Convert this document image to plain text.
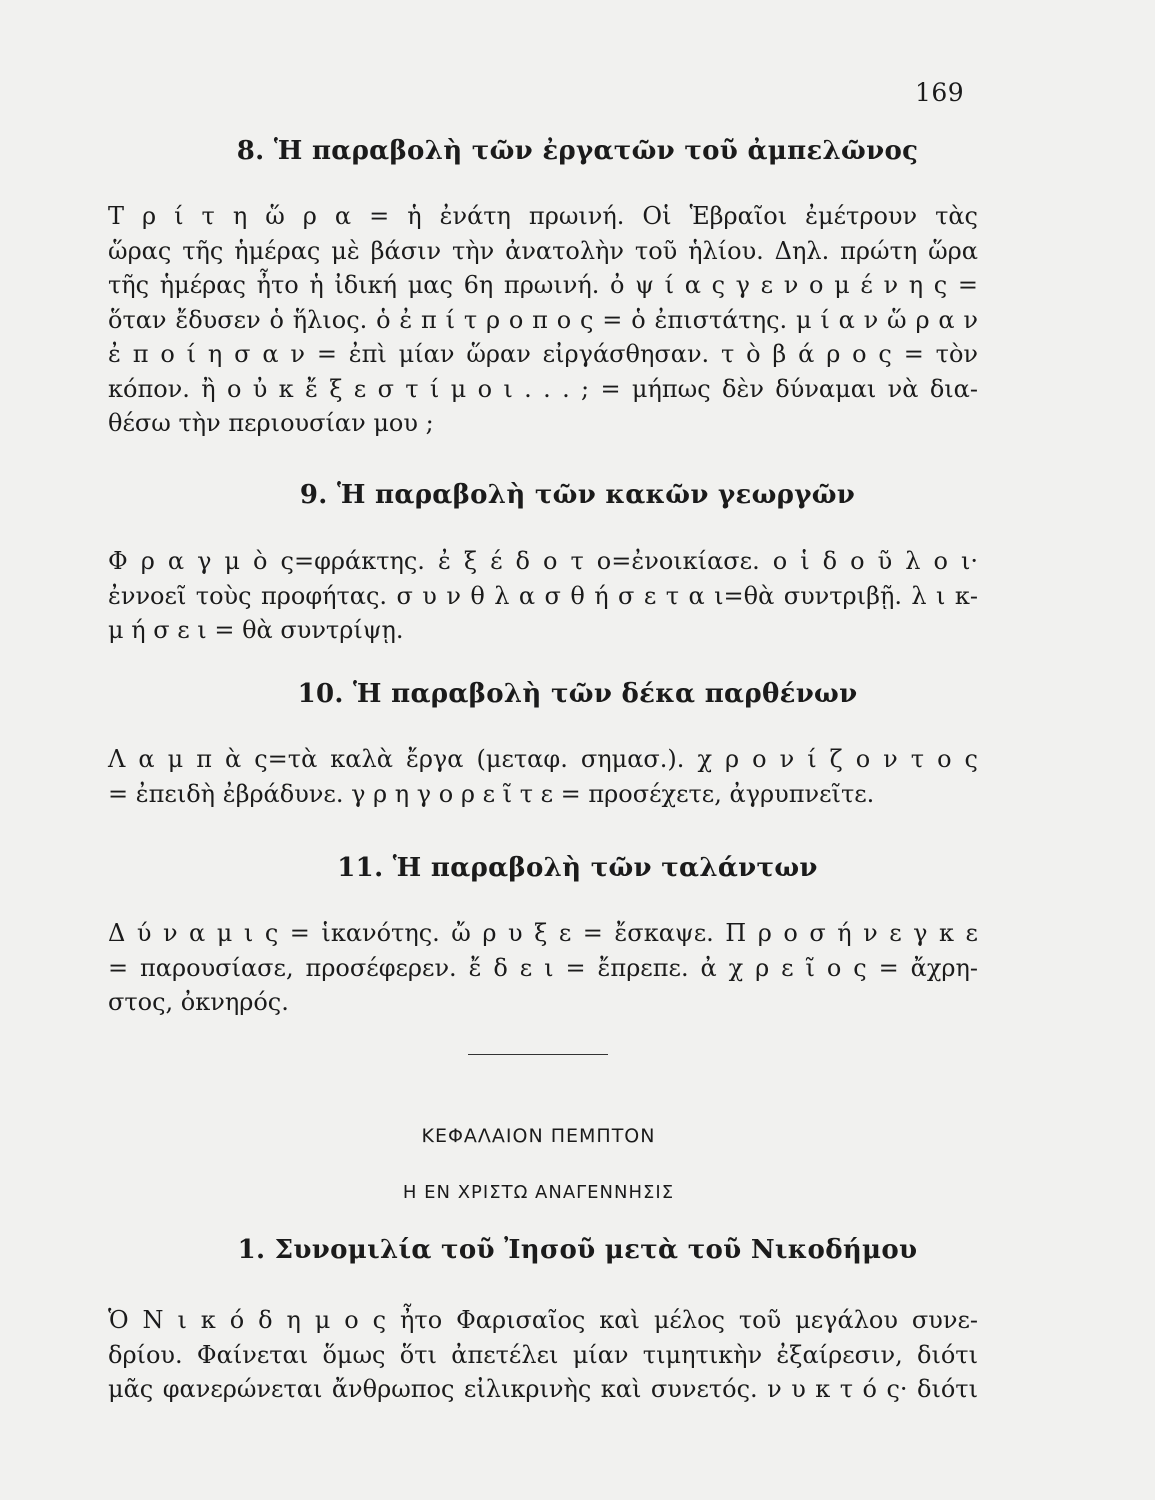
169
8. Ἡ παραβολὴ τῶν ἐργατῶν τοῦ ἀμπελῶνος
Τ ρ ί τ η ὥ ρ α = ἡ ἐνάτη πρωινή. Οἱ Ἑβραῖοι ἐμέτρουν τὰς
ὥρας τῆς ἡμέρας μὲ βάσιν τὴν ἀνατολὴν τοῦ ἡλίου. Δηλ. πρώτη ὥρα
τῆς ἡμέρας ἦτο ἡ ἰδική μας 6η πρωινή. ὀ ψ ί α ς γ ε ν ο μ έ ν η ς =
ὅταν ἔδυσεν ὁ ἥλιος. ὁ ἐ π ί τ ρ ο π ο ς = ὁ ἐπιστάτης. μ ί α ν ὥ ρ α ν
ἐ π ο ί η σ α ν = ἐπὶ μίαν ὥραν εἰργάσθησαν. τ ὸ β ά ρ ο ς = τὸν
κόπον. ἢ ο ὐ κ ἔ ξ ε σ τ ί μ ο ι . . . ; = μήπως δὲν δύναμαι νὰ δια-
θέσω τὴν περιουσίαν μου ;
9. Ἡ παραβολὴ τῶν κακῶν γεωργῶν
Φ ρ α γ μ ὸ ς=φράκτης. ἐ ξ έ δ ο τ ο=ἐνοικίασε. ο ἱ δ ο ῦ λ ο ι·
ἐννοεῖ τοὺς προφήτας. σ υ ν θ λ α σ θ ή σ ε τ α ι=θὰ συντριβῇ. λ ι κ-
μ ή σ ε ι = θὰ συντρίψῃ.
10. Ἡ παραβολὴ τῶν δέκα παρθένων
Λ α μ π ὰ ς=τὰ καλὰ ἔργα (μεταφ. σημασ.). χ ρ ο ν ί ζ ο ν τ ο ς
= ἐπειδὴ ἐβράδυνε. γ ρ η γ ο ρ ε ῖ τ ε = προσέχετε, ἀγρυπνεῖτε.
11. Ἡ παραβολὴ τῶν ταλάντων
Δ ύ ν α μ ι ς = ἱκανότης. ὤ ρ υ ξ ε = ἔσκαψε. Π ρ ο σ ή ν ε γ κ ε
= παρουσίασε, προσέφερεν. ἔ δ ε ι = ἔπρεπε. ἀ χ ρ ε ῖ ο ς = ἄχρη-
στος, ὀκνηρός.
ΚΕΦΑΛΑΙΟΝ ΠΕΜΠΤΟΝ
Η ΕΝ ΧΡΙΣΤΩ ΑΝΑΓΕΝΝΗΣΙΣ
1. Συνομιλία τοῦ Ἰησοῦ μετὰ τοῦ Νικοδήμου
Ὁ Ν ι κ ό δ η μ ο ς ἦτο Φαρισαῖος καὶ μέλος τοῦ μεγάλου συνε-
δρίου. Φαίνεται ὅμως ὅτι ἀπετέλει μίαν τιμητικὴν ἐξαίρεσιν, διότι
μᾶς φανερώνεται ἄνθρωπος εἰλικρινὴς καὶ συνετός. ν υ κ τ ό ς· διότι
